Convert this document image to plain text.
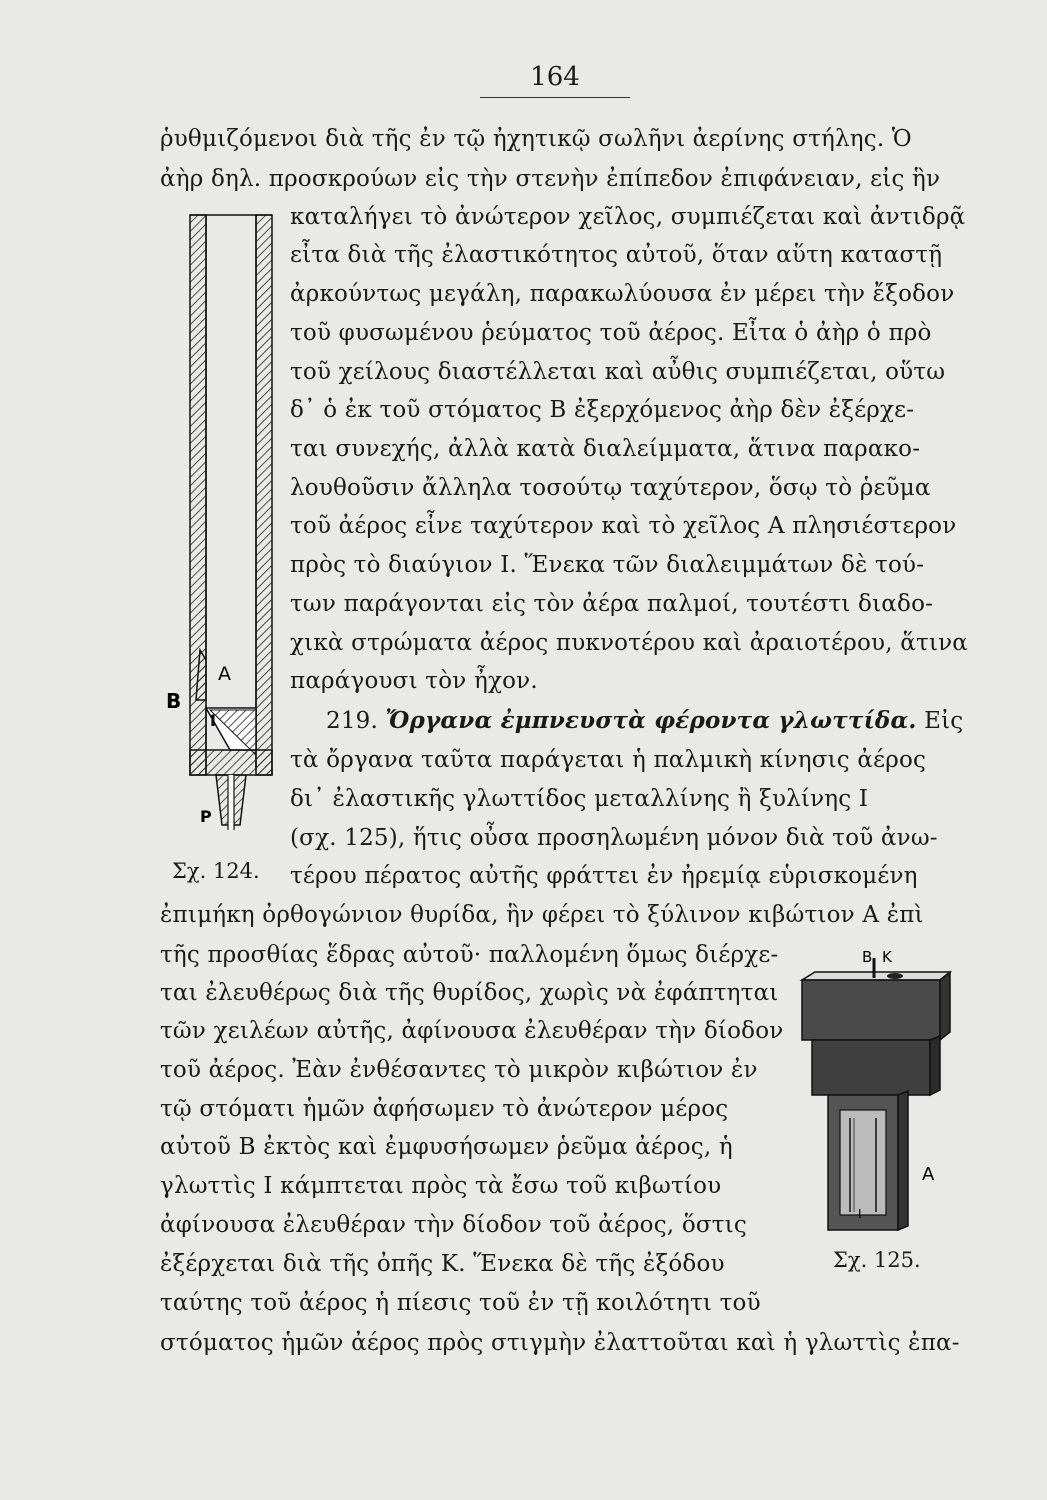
164
ῥυθμιζόμενοι διὰ τῆς ἐν τῷ ἠχητικῷ σωλῆνι ἀερίνης στήλης. Ὁ
ἀὴρ δηλ. προσκρούων εἰς τὴν στενὴν ἐπίπεδον ἐπιφάνειαν, εἰς ἣν
καταλήγει τὸ ἀνώτερον χεῖλος, συμπιέζεται καὶ ἀντιδρᾷ
εἶτα διὰ τῆς ἐλαστικότητος αὐτοῦ, ὅταν αὕτη καταστῇ
ἀρκούντως μεγάλη, παρακωλύουσα ἐν μέρει τὴν ἔξοδον
τοῦ φυσωμένου ῥεύματος τοῦ ἀέρος. Εἶτα ὁ ἀὴρ ὁ πρὸ
τοῦ χείλους διαστέλλεται καὶ αὖθις συμπιέζεται, οὕτω
δ᾽ ὁ ἐκ τοῦ στόματος Β ἐξερχόμενος ἀὴρ δὲν ἐξέρχε-
ται συνεχής, ἀλλὰ κατὰ διαλείμματα, ἅτινα παρακο-
λουθοῦσιν ἄλληλα τοσούτῳ ταχύτερον, ὅσῳ τὸ ῥεῦμα
τοῦ ἀέρος εἶνε ταχύτερον καὶ τὸ χεῖλος Α πλησιέστερον
πρὸς τὸ διαύγιον Ι. Ἕνεκα τῶν διαλειμμάτων δὲ τού-
των παράγονται εἰς τὸν ἀέρα παλμοί, τουτέστι διαδο-
χικὰ στρώματα ἀέρος πυκνοτέρου καὶ ἀραιοτέρου, ἅτινα
παράγουσι τὸν ἦχον.
219. Ὄργανα ἐμπνευστὰ φέροντα γλωττίδα. Εἰς
τὰ ὄργανα ταῦτα παράγεται ἡ παλμικὴ κίνησις ἀέρος
δι᾽ ἐλαστικῆς γλωττίδος μεταλλίνης ἢ ξυλίνης Ι
(σχ. 125), ἥτις οὖσα προσηλωμένη μόνον διὰ τοῦ ἀνω-
τέρου πέρατος αὐτῆς φράττει ἐν ἠρεμίᾳ εὑρισκομένη
ἐπιμήκη ὀρθογώνιον θυρίδα, ἣν φέρει τὸ ξύλινον κιβώτιον Α ἐπὶ
τῆς προσθίας ἕδρας αὐτοῦ· παλλομένη ὅμως διέρχε-
ται ἐλευθέρως διὰ τῆς θυρίδος, χωρὶς νὰ ἐφάπτηται
τῶν χειλέων αὐτῆς, ἀφίνουσα ἐλευθέραν τὴν δίοδον
τοῦ ἀέρος. Ἐὰν ἐνθέσαντες τὸ μικρὸν κιβώτιον ἐν
τῷ στόματι ἡμῶν ἀφήσωμεν τὸ ἀνώτερον μέρος
αὐτοῦ Β ἐκτὸς καὶ ἐμφυσήσωμεν ῥεῦμα ἀέρος, ἡ
γλωττὶς Ι κάμπτεται πρὸς τὰ ἔσω τοῦ κιβωτίου
ἀφίνουσα ἐλευθέραν τὴν δίοδον τοῦ ἀέρος, ὅστις
ἐξέρχεται διὰ τῆς ὀπῆς Κ. Ἕνεκα δὲ τῆς ἐξόδου
ταύτης τοῦ ἀέρος ἡ πίεσις τοῦ ἐν τῇ κοιλότητι τοῦ
στόματος ἡμῶν ἀέρος πρὸς στιγμὴν ἐλαττοῦται καὶ ἡ γλωττὶς ἐπα-
B
A
I
P
Σχ. 124.
B K
A
I
Σχ. 125.
